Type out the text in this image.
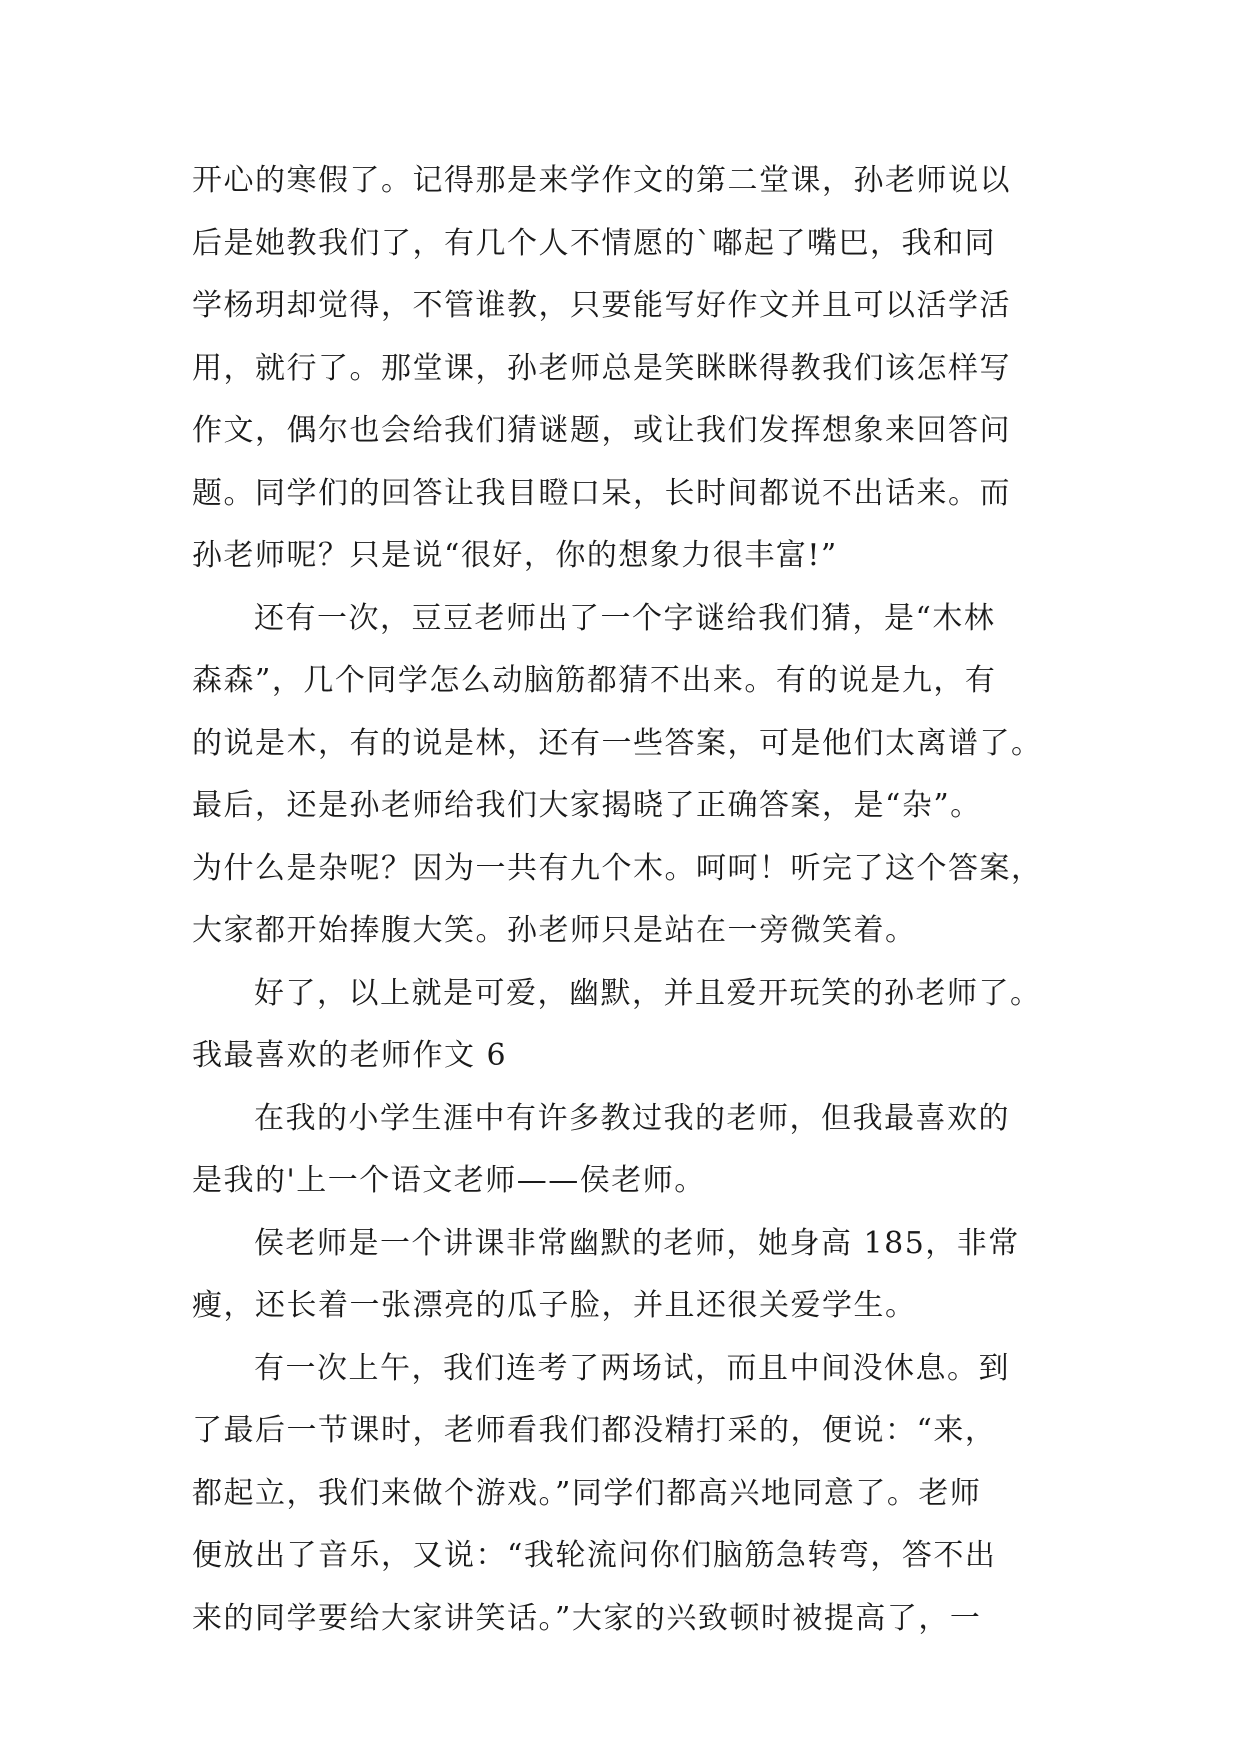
开心的寒假了。记得那是来学作文的第二堂课，孙老师说以
后是她教我们了，有几个人不情愿的`嘟起了嘴巴，我和同
学杨玥却觉得，不管谁教，只要能写好作文并且可以活学活
用，就行了。那堂课，孙老师总是笑眯眯得教我们该怎样写
作文，偶尔也会给我们猜谜题，或让我们发挥想象来回答问
题。同学们的回答让我目瞪口呆，长时间都说不出话来。而
孙老师呢？只是说“很好，你的想象力很丰富!”
还有一次，豆豆老师出了一个字谜给我们猜，是“木林
森森”，几个同学怎么动脑筋都猜不出来。有的说是九，有
的说是木，有的说是林，还有一些答案，可是他们太离谱了。
最后，还是孙老师给我们大家揭晓了正确答案，是“杂”。
为什么是杂呢？因为一共有九个木。呵呵！听完了这个答案，
大家都开始捧腹大笑。孙老师只是站在一旁微笑着。
好了，以上就是可爱，幽默，并且爱开玩笑的孙老师了。
我最喜欢的老师作文 6
在我的小学生涯中有许多教过我的老师，但我最喜欢的
是我的'上一个语文老师——侯老师。
侯老师是一个讲课非常幽默的老师，她身高 185，非常
瘦，还长着一张漂亮的瓜子脸，并且还很关爱学生。
有一次上午，我们连考了两场试，而且中间没休息。到
了最后一节课时，老师看我们都没精打采的，便说：“来，
都起立，我们来做个游戏。”同学们都高兴地同意了。老师
便放出了音乐，又说：“我轮流问你们脑筋急转弯，答不出
来的同学要给大家讲笑话。”大家的兴致顿时被提高了，一
